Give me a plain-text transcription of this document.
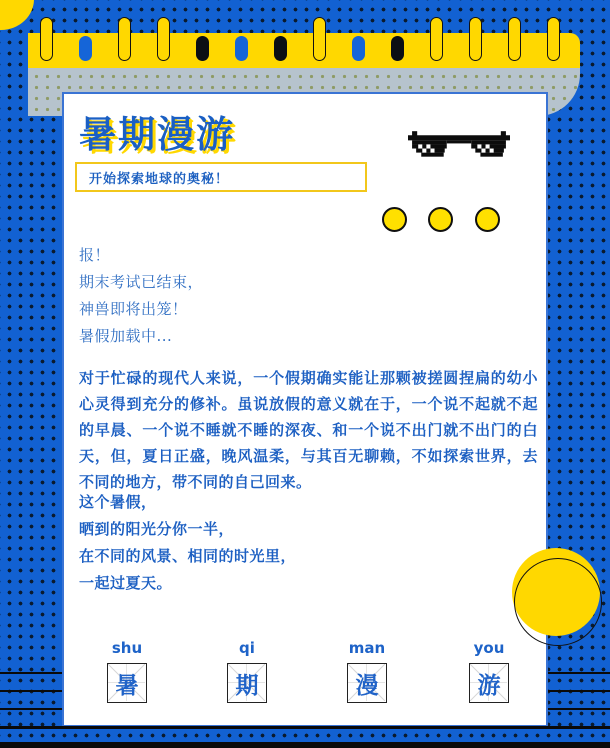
暑期漫游
开始探索地球的奥秘！
报！
期末考试已结束，
神兽即将出笼！
暑假加载中...
对于忙碌的现代人来说，一个假期确实能让那颗被搓圆捏扁的幼小心灵得到充分的修补。虽说放假的意义就在于，一个说不起就不起的早晨、一个说不睡就不睡的深夜、和一个说不出门就不出门的白天，但，夏日正盛，晚风温柔，与其百无聊赖，不如探索世界，去不同的地方，带不同的自己回来。
这个暑假，
晒到的阳光分你一半，
在不同的风景、相同的时光里，
一起过夏天。
shu
暑
qi
期
man
漫
you
游
